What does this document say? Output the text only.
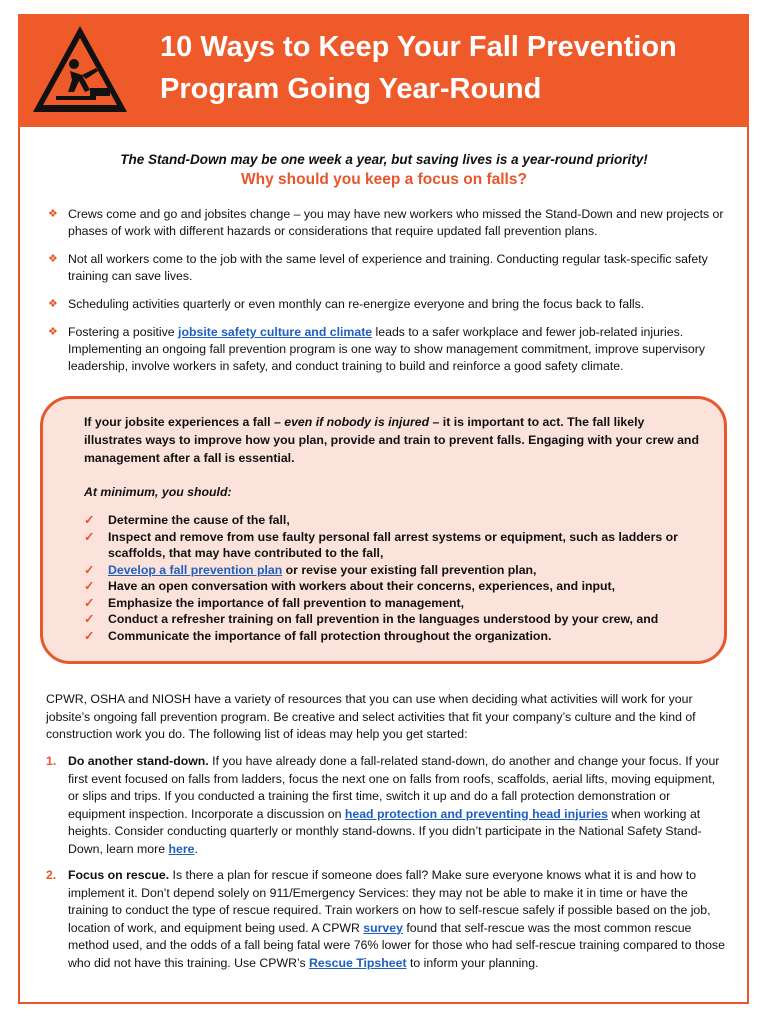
10 Ways to Keep Your Fall Prevention Program Going Year-Round
The Stand-Down may be one week a year, but saving lives is a year-round priority!
Why should you keep a focus on falls?
❖ Crews come and go and jobsites change – you may have new workers who missed the Stand-Down and new projects or phases of work with different hazards or considerations that require updated fall prevention plans.
❖ Not all workers come to the job with the same level of experience and training. Conducting regular task-specific safety training can save lives.
❖ Scheduling activities quarterly or even monthly can re-energize everyone and bring the focus back to falls.
❖ Fostering a positive jobsite safety culture and climate leads to a safer workplace and fewer job-related injuries. Implementing an ongoing fall prevention program is one way to show management commitment, improve supervisory leadership, involve workers in safety, and conduct training to build and reinforce a good safety climate.
If your jobsite experiences a fall – even if nobody is injured – it is important to act. The fall likely illustrates ways to improve how you plan, provide and train to prevent falls. Engaging with your crew and management after a fall is essential.
At minimum, you should:
✓ Determine the cause of the fall,
✓ Inspect and remove from use faulty personal fall arrest systems or equipment, such as ladders or scaffolds, that may have contributed to the fall,
✓ Develop a fall prevention plan or revise your existing fall prevention plan,
✓ Have an open conversation with workers about their concerns, experiences, and input,
✓ Emphasize the importance of fall prevention to management,
✓ Conduct a refresher training on fall prevention in the languages understood by your crew, and
✓ Communicate the importance of fall protection throughout the organization.
CPWR, OSHA and NIOSH have a variety of resources that you can use when deciding what activities will work for your jobsite’s ongoing fall prevention program. Be creative and select activities that fit your company’s culture and the kind of construction work you do. The following list of ideas may help you get started:
1. Do another stand-down. If you have already done a fall-related stand-down, do another and change your focus. If your first event focused on falls from ladders, focus the next one on falls from roofs, scaffolds, aerial lifts, moving equipment, or slips and trips. If you conducted a training the first time, switch it up and do a fall protection demonstration or equipment inspection. Incorporate a discussion on head protection and preventing head injuries when working at heights. Consider conducting quarterly or monthly stand-downs. If you didn’t participate in the National Safety Stand-Down, learn more here.
2. Focus on rescue. Is there a plan for rescue if someone does fall? Make sure everyone knows what it is and how to implement it. Don’t depend solely on 911/Emergency Services: they may not be able to make it in time or have the training to conduct the type of rescue required. Train workers on how to self-rescue safely if possible based on the job, location of work, and equipment being used. A CPWR survey found that self-rescue was the most common rescue method used, and the odds of a fall being fatal were 76% lower for those who had self-rescue training compared to those who did not have this training. Use CPWR’s Rescue Tipsheet to inform your planning.
